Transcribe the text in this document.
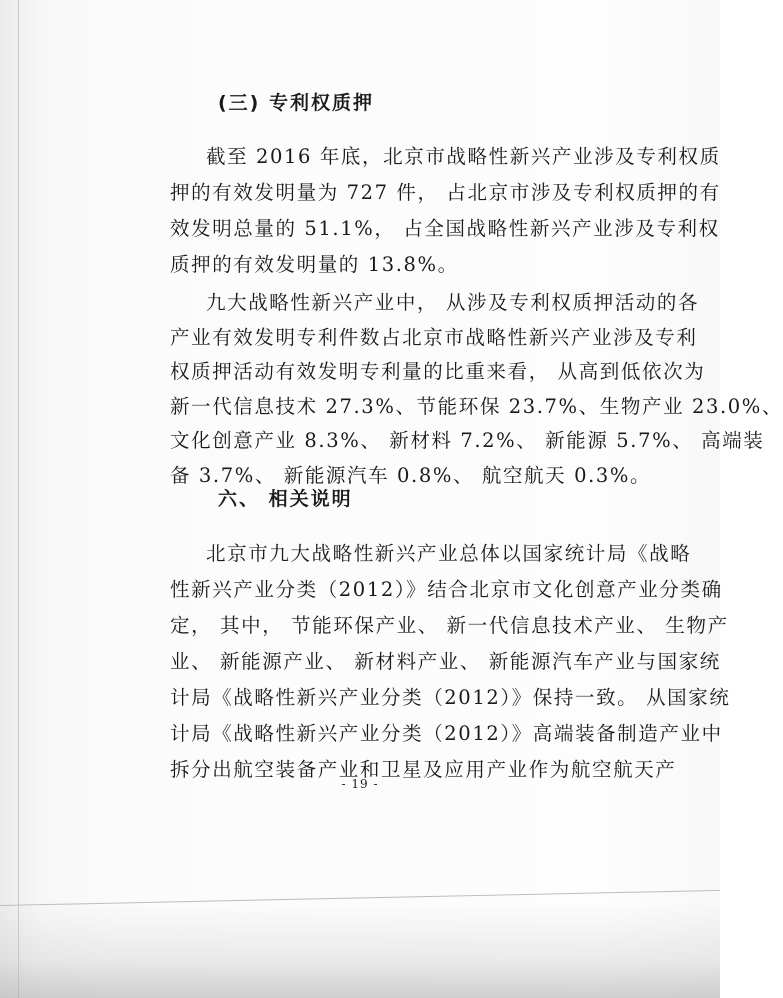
(三) 专利权质押

截至 2016 年底，北京市战略性新兴产业涉及专利权质

押的有效发明量为 727 件， 占北京市涉及专利权质押的有

效发明总量的 51.1%， 占全国战略性新兴产业涉及专利权

质押的有效发明量的 13.8%。

九大战略性新兴产业中， 从涉及专利权质押活动的各

产业有效发明专利件数占北京市战略性新兴产业涉及专利

权质押活动有效发明专利量的比重来看， 从高到低依次为

新一代信息技术 27.3%、节能环保 23.7%、生物产业 23.0%、

文化创意产业 8.3%、 新材料 7.2%、 新能源 5.7%、 高端装

备 3.7%、 新能源汽车 0.8%、 航空航天 0.3%。

六、 相关说明

北京市九大战略性新兴产业总体以国家统计局《战略

性新兴产业分类（2012）》结合北京市文化创意产业分类确

定， 其中， 节能环保产业、 新一代信息技术产业、 生物产

业、 新能源产业、 新材料产业、 新能源汽车产业与国家统

计局《战略性新兴产业分类（2012）》保持一致。 从国家统

计局《战略性新兴产业分类（2012）》高端装备制造产业中

拆分出航空装备产业和卫星及应用产业作为航空航天产

- 19 -
